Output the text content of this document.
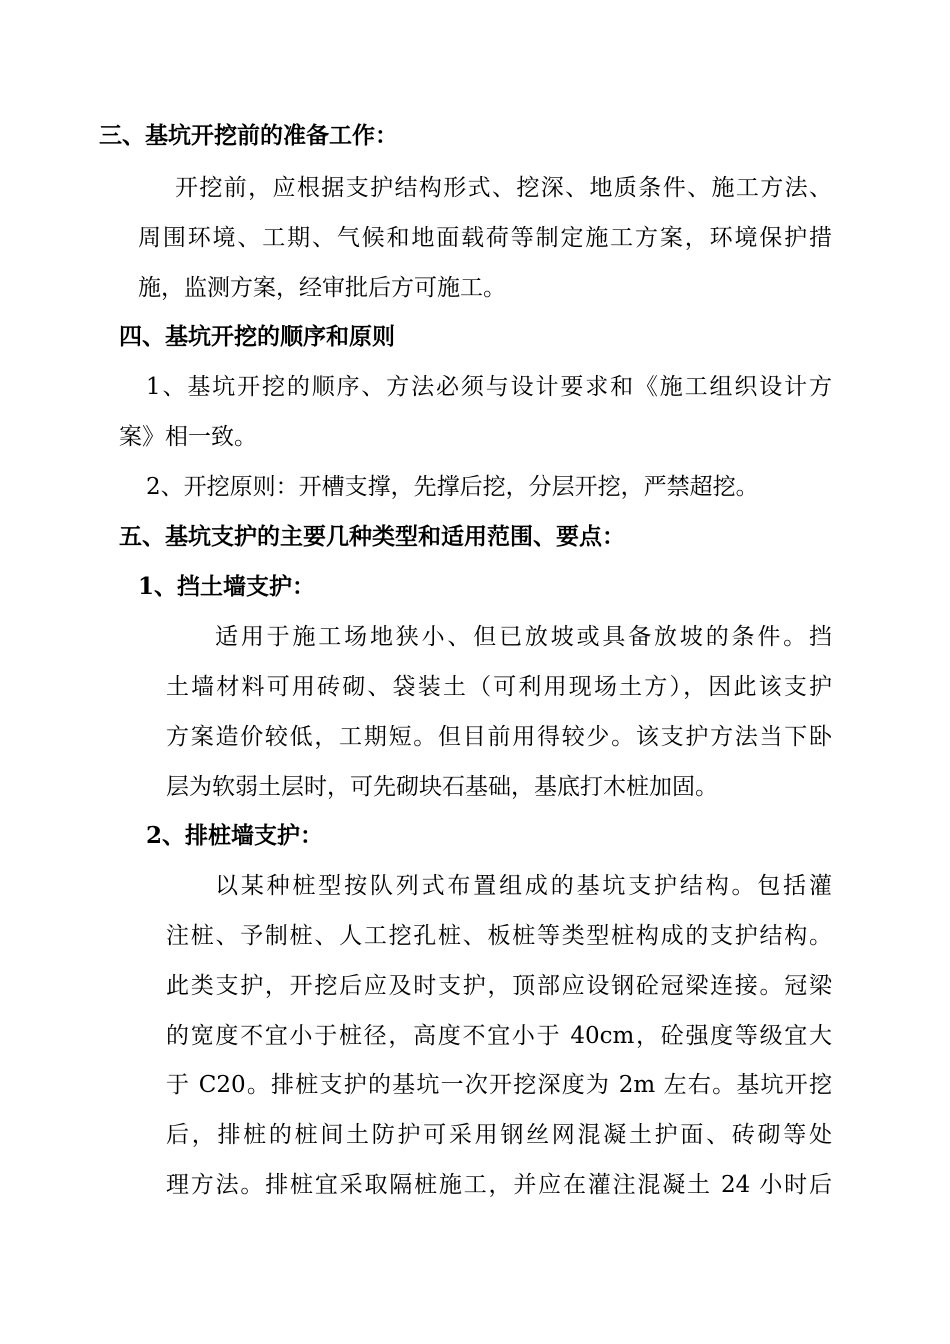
三、基坑开挖前的准备工作：
开挖前，应根据支护结构形式、挖深、地质条件、施工方法、
周围环境、工期、气候和地面载荷等制定施工方案，环境保护措
施，监测方案，经审批后方可施工。
四、基坑开挖的顺序和原则
1、基坑开挖的顺序、方法必须与设计要求和《施工组织设计方
案》相一致。
2、开挖原则：开槽支撑，先撑后挖，分层开挖，严禁超挖。
五、基坑支护的主要几种类型和适用范围、要点：
1、挡土墙支护：
适用于施工场地狭小、但已放坡或具备放坡的条件。挡
土墙材料可用砖砌、袋装土（可利用现场土方），因此该支护
方案造价较低，工期短。但目前用得较少。该支护方法当下卧
层为软弱土层时，可先砌块石基础，基底打木桩加固。
2、排桩墙支护：
以某种桩型按队列式布置组成的基坑支护结构。包括灌
注桩、予制桩、人工挖孔桩、板桩等类型桩构成的支护结构。
此类支护，开挖后应及时支护，顶部应设钢砼冠梁连接。冠梁
的宽度不宜小于桩径，高度不宜小于 40cm，砼强度等级宜大
于 C20。排桩支护的基坑一次开挖深度为 2m 左右。基坑开挖
后，排桩的桩间土防护可采用钢丝网混凝土护面、砖砌等处
理方法。排桩宜采取隔桩施工，并应在灌注混凝土 24 小时后
